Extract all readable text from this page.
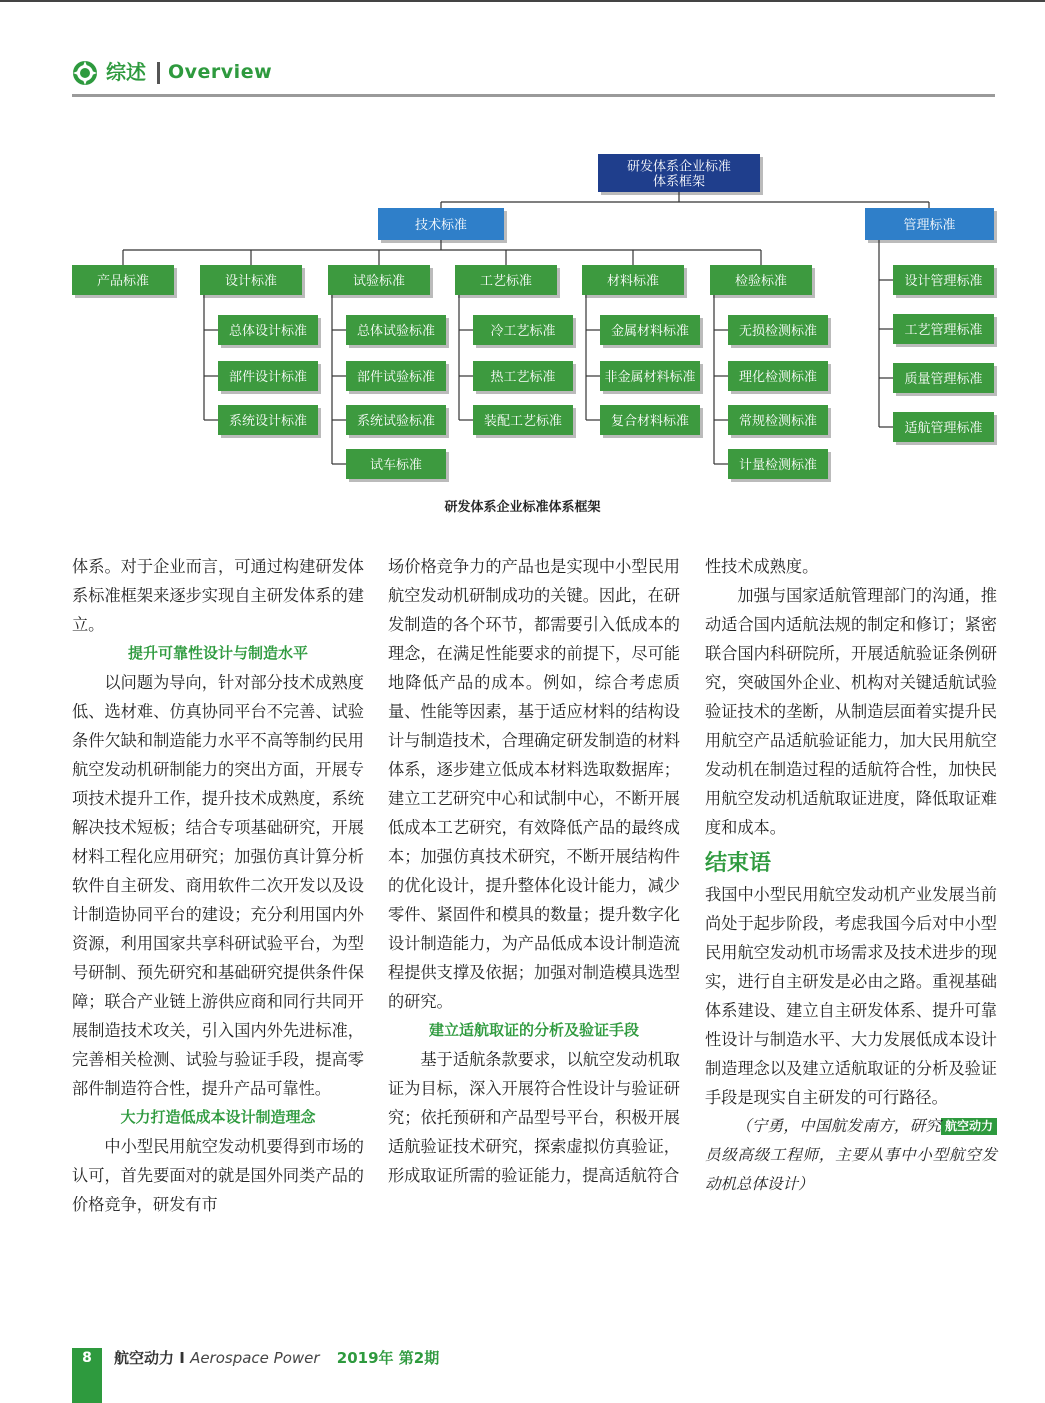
综述 Overview
研发体系企业标准
体系框架
技术标准	管理标准
产品标准	设计标准
总体设计标准
部件设计标准
系统设计标准
试验标准
总体试验标准
部件试验标准
系统试验标准
试车标准
工艺标准
冷工艺标准
热工艺标准
装配工艺标准
材料标准
金属材料标准
非金属材料标准
复合材料标准
检验标准
无损检测标准
理化检测标准
常规检测标准
计量检测标准
设计管理标准
工艺管理标准
质量管理标准
适航管理标准
研发体系企业标准体系框架

体系。对于企业而言，可通过构建研发体系标准框架来逐步实现自主研发体系的建立。

提升可靠性设计与制造水平

以问题为导向，针对部分技术成熟度低、选材难、仿真协同平台不完善、试验条件欠缺和制造能力水平不高等制约民用航空发动机研制能力的突出方面，开展专项技术提升工作，提升技术成熟度，系统解决技术短板；结合专项基础研究，开展材料工程化应用研究；加强仿真计算分析软件自主研发、商用软件二次开发以及设计制造协同平台的建设；充分利用国内外资源，利用国家共享科研试验平台，为型号研制、预先研究和基础研究提供条件保障；联合产业链上游供应商和同行共同开展制造技术攻关，引入国内外先进标准，完善相关检测、试验与验证手段，提高零部件制造符合性，提升产品可靠性。

大力打造低成本设计制造理念

中小型民用航空发动机要得到市场的认可，首先要面对的就是国外同类产品的价格竞争，研发有市

场价格竞争力的产品也是实现中小型民用航空发动机研制成功的关键。因此，在研发制造的各个环节，都需要引入低成本的理念，在满足性能要求的前提下，尽可能地降低产品的成本。例如，综合考虑质量、性能等因素，基于适应材料的结构设计与制造技术，合理确定研发制造的材料体系，逐步建立低成本材料选取数据库；建立工艺研究中心和试制中心，不断开展低成本工艺研究，有效降低产品的最终成本；加强仿真技术研究，不断开展结构件的优化设计，提升整体化设计能力，减少零件、紧固件和模具的数量；提升数字化设计制造能力，为产品低成本设计制造流程提供支撑及依据；加强对制造模具选型的研究。

建立适航取证的分析及验证手段

基于适航条款要求，以航空发动机取证为目标，深入开展符合性设计与验证研究；依托预研和产品型号平台，积极开展适航验证技术研究，探索虚拟仿真验证，形成取证所需的验证能力，提高适航符合

性技术成熟度。

加强与国家适航管理部门的沟通，推动适合国内适航法规的制定和修订；紧密联合国内科研院所，开展适航验证条例研究，突破国外企业、机构对关键适航试验验证技术的垄断，从制造层面着实提升民用航空产品适航验证能力，加大民用航空发动机在制造过程的适航符合性，加快民用航空发动机适航取证进度，降低取证难度和成本。

结束语

我国中小型民用航空发动机产业发展当前尚处于起步阶段，考虑我国今后对中小型民用航空发动机市场需求及技术进步的现实，进行自主研发是必由之路。重视基础体系建设、建立自主研发体系、提升可靠性设计与制造水平、大力发展低成本设计制造理念以及建立适航取证的分析及验证手段是现实自主研发的可行路径。
航空动力

（宁勇，中国航发南方，研究员级高级工程师，主要从事中小型航空发动机总体设计）

8	航空动力 I Aerospace Power 2019年 第2期
